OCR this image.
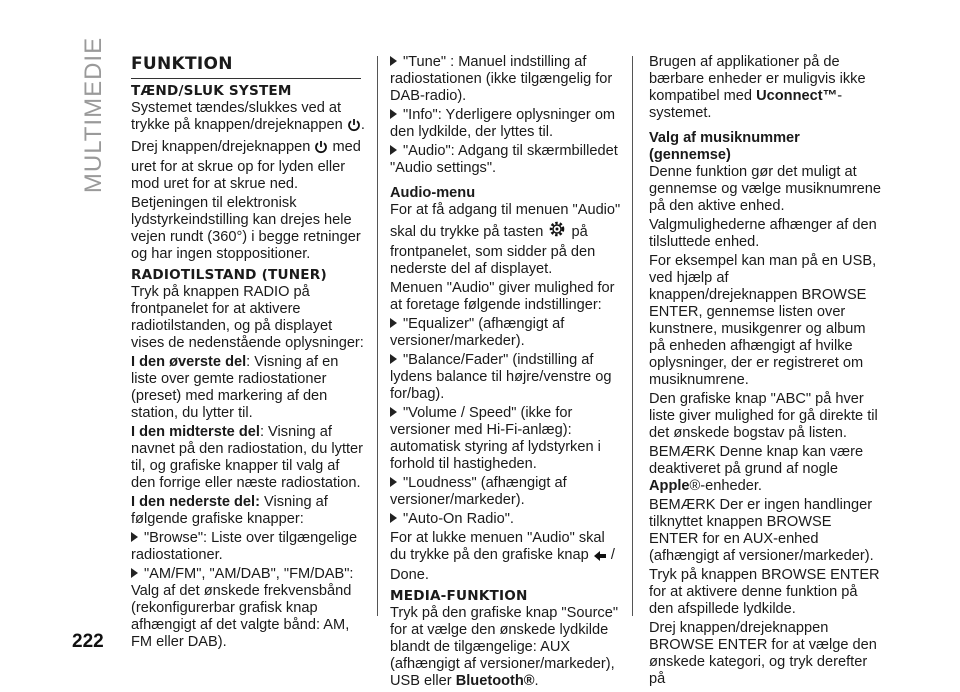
MULTIMEDIE
222
FUNKTION
TÆND/SLUK SYSTEM

Systemet tændes/slukkes ved at trykke på knappen/drejeknappen .

Drej knappen/drejeknappen med uret for at skrue op for lyden eller mod uret for at skrue ned.

Betjeningen til elektronisk lydstyrkeindstilling kan drejes hele vejen rundt (360°) i begge retninger og har ingen stoppositioner.

RADIOTILSTAND (TUNER)

Tryk på knappen RADIO på frontpanelet for at aktivere radiotilstanden, og på displayet vises de nedenstående oplysninger:

I den øverste del: Visning af en liste over gemte radiostationer (preset) med markering af den station, du lytter til.

I den midterste del: Visning af navnet på den radiostation, du lytter til, og grafiske knapper til valg af den forrige eller næste radiostation.

I den nederste del: Visning af følgende grafiske knapper:

"Browse": Liste over tilgængelige radiostationer.

"AM/FM", "AM/DAB", "FM/DAB": Valg af det ønskede frekvensbånd (rekonfigurerbar grafisk knap afhængigt af det valgte bånd: AM, FM eller DAB).

"Tune" : Manuel indstilling af radiostationen (ikke tilgængelig for DAB-radio).

"Info": Yderligere oplysninger om den lydkilde, der lyttes til.

"Audio": Adgang til skærmbilledet "Audio settings".

Audio-menu

For at få adgang til menuen "Audio" skal du trykke på tasten på frontpanelet, som sidder på den nederste del af displayet.

Menuen "Audio" giver mulighed for at foretage følgende indstillinger:

"Equalizer" (afhængigt af versioner/markeder).

"Balance/Fader" (indstilling af lydens balance til højre/venstre og for/bag).

"Volume / Speed" (ikke for versioner med Hi-Fi-anlæg): automatisk styring af lydstyrken i forhold til hastigheden.

"Loudness" (afhængigt af versioner/markeder).

"Auto-On Radio".

For at lukke menuen "Audio" skal du trykke på den grafiske knap / Done.

MEDIA-FUNKTION

Tryk på den grafiske knap "Source" for at vælge den ønskede lydkilde blandt de tilgængelige: AUX (afhængigt af versioner/markeder), USB eller Bluetooth®.

Brugen af applikationer på de bærbare enheder er muligvis ikke kompatibel med Uconnect™-systemet.

Valg af musiknummer (gennemse)

Denne funktion gør det muligt at gennemse og vælge musiknumrene på den aktive enhed.

Valgmulighederne afhænger af den tilsluttede enhed.

For eksempel kan man på en USB, ved hjælp af knappen/drejeknappen BROWSE ENTER, gennemse listen over kunstnere, musikgenrer og album på enheden afhængigt af hvilke oplysninger, der er registreret om musiknumrene.

Den grafiske knap "ABC" på hver liste giver mulighed for gå direkte til det ønskede bogstav på listen.

BEMÆRK Denne knap kan være deaktiveret på grund af nogle Apple®-enheder.

BEMÆRK Der er ingen handlinger tilknyttet knappen BROWSE ENTER for en AUX-enhed (afhængigt af versioner/markeder).

Tryk på knappen BROWSE ENTER for at aktivere denne funktion på den afspillede lydkilde.

Drej knappen/drejeknappen BROWSE ENTER for at vælge den ønskede kategori, og tryk derefter på
